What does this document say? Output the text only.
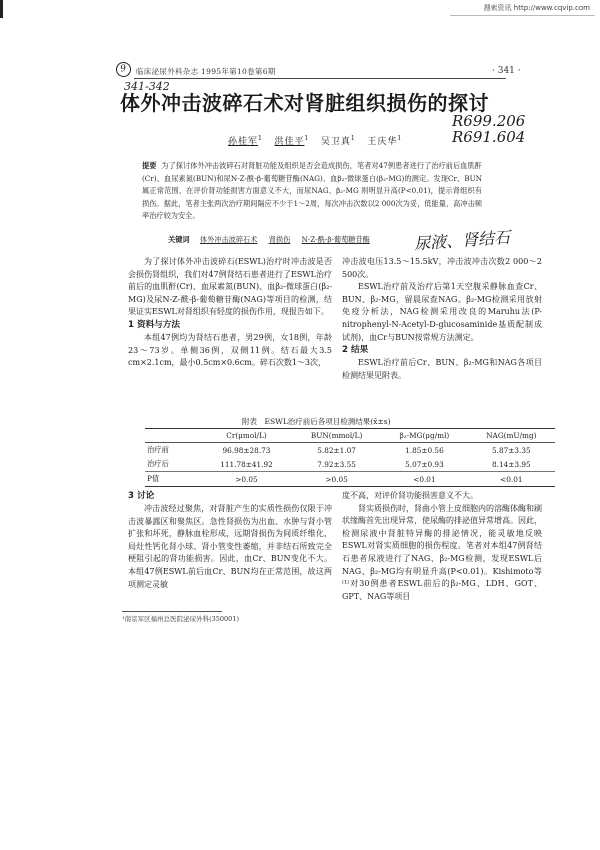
搜索资讯 http://www.cqvip.com
9
341-342
R699.206
R691.604
尿液、肾结石
临床泌尿外科杂志 1995年第10卷第6期	· 341 ·
体外冲击波碎石术对肾脏组织损伤的探讨
孙桂军$^1$ 洪佳平$^1$ 吴卫真$^1$ 王庆华$^1$
提要 为了探讨体外冲击波碎石对肾脏功能及组织是否会造成损伤，笔者对47例患者进行了治疗前后血肌酐(Cr)、血尿素氮(BUN)和尿N-Z-酰-β-葡萄糖苷酶(NAG)、血β₂-微球蛋白(β₂-MG)的测定。发现Cr、BUN 属正常范围，在评价肾功能损害方面意义不大，而尿NAG、β₂-MG 则明显升高(P<0.01)，提示肾组织有损伤。据此，笔者主张两次治疗期间隔应不少于1～2周，每次冲击次数以2 000次为妥，低能量、高冲击频率治疗较为安全。
关键词 体外冲击波碎石术 肾损伤 N-Z-酰-β-葡萄糖苷酶
为了探讨体外冲击波碎石(ESWL)治疗时冲击波是否会损伤肾组织，我们对47例肾结石患者进行了ESWL治疗前后的血肌酐(Cr)、血尿素氮(BUN)、血β₂-微球蛋白(β₂-MG)及尿N-Z-酰-β-葡萄糖苷酶(NAG)等项目的检测，结果证实ESWL对肾组织有轻度的损伤作用，现报告如下。
1 资料与方法
本组47例均为肾结石患者，男29例，女18例，年龄23～73岁。单侧36例，双侧11例。结石最大3.5 cm×2.1cm，最小0.5cm×0.6cm。碎石次数1～3次，
冲击波电压13.5～15.5kV，冲击波冲击次数2 000～2 500次。
ESWL治疗前及治疗后第1天空腹采静脉血查Cr、BUN、β₂-MG，留晨尿查NAG。β₂-MG检测采用放射免疫分析法，NAG检测采用改良的Maruhu法(P-nitrophenyl-N-Acetyl-D-glucosaminide基质配制成试剂)，血Cr与BUN按常规方法测定。
2 结果
ESWL治疗前后Cr、BUN、β₂-MG和NAG各项目检测结果见附表。
附表　ESWL治疗前后各项目检测结果(x̄±s)
	Cr(μmol/L)	BUN(mmol/L)	β₂-MG(μg/ml)	NAG(mU/mg)
治疗前	96.98±28.73	5.82±1.07	1.85±0.56	5.87±3.35
治疗后	111.78±41.92	7.92±3.55	5.07±0.93	8.14±3.95
P值	>0.05	>0.05	<0.01	<0.01
3 讨论
冲击波经过聚焦，对肾脏产生的实质性损伤仅限于冲击波暴露区和聚焦区。急性肾损伤为出血、水肿与肾小管扩张和坏死，静脉血栓形成，远期肾损伤为间质纤维化，局灶性钙化肾小球、肾小管变性萎缩，并非结石所致完全梗阻引起的肾功能损害。因此，血Cr、BUN变化不大。本组47例ESWL前后血Cr、BUN均在正常范围，故这两项测定灵敏
度不高，对评价肾功能损害意义不大。
肾实质损伤时，肾曲小管上皮细胞内的溶酶体酶和刷状缘酶首先出现异常，使尿酶的排泌值异常增高。因此，检测尿液中肾脏特异酶的排泌情况，能灵敏地反映ESWL对肾实质细胞的损伤程度。笔者对本组47例肾结石患者尿液进行了NAG、β₂-MG检测，发现ESWL后NAG、β₂-MG均有明显升高(P<0.01)。Kishimoto等⁽¹⁾对30例患者ESWL前后的β₂-MG、LDH、GOT、GPT、NAG等项目
¹南京军区福州总医院泌尿外科(350001)
